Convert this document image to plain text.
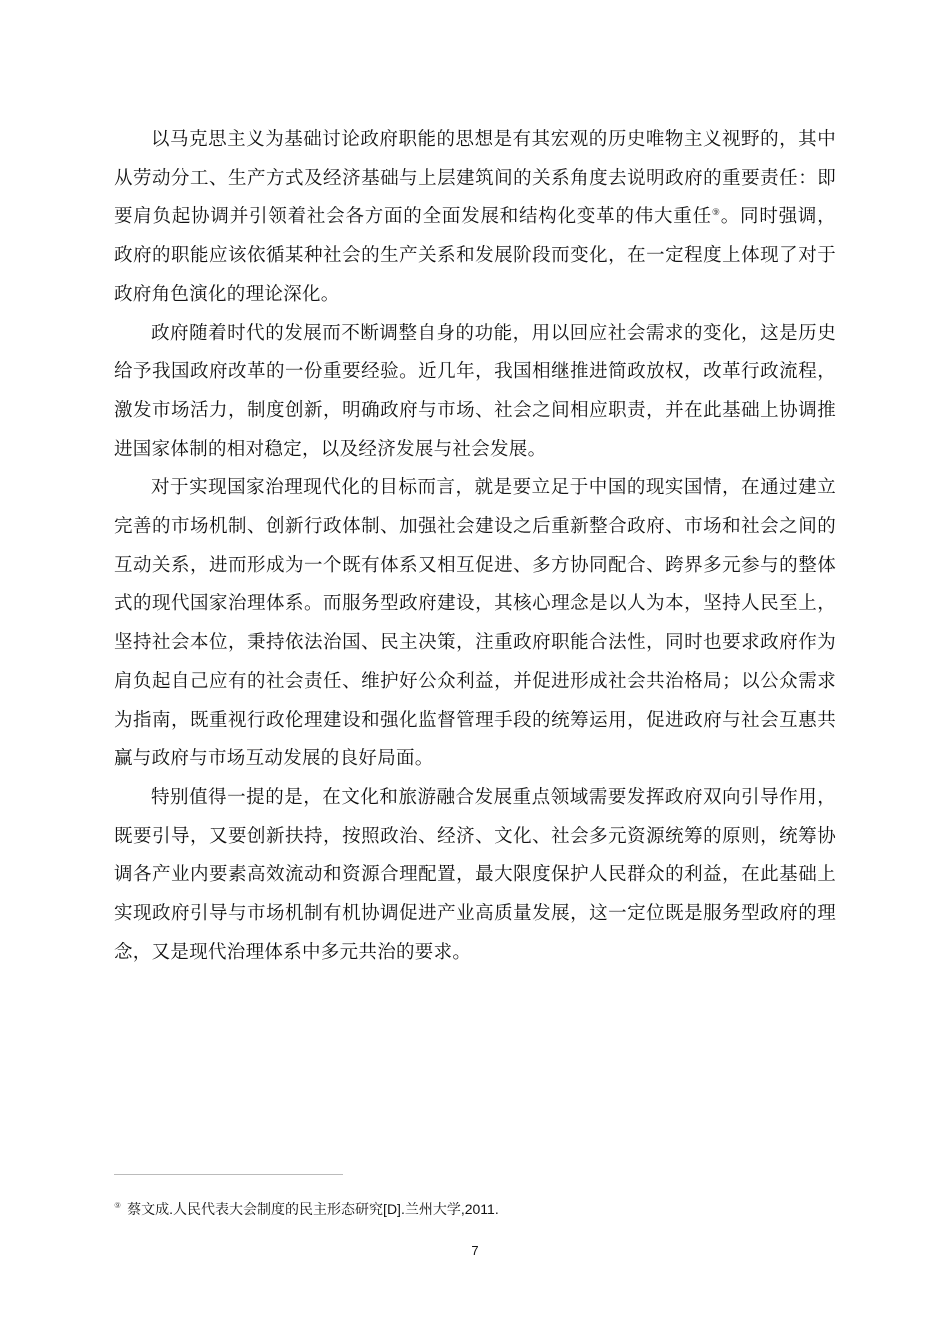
以马克思主义为基础讨论政府职能的思想是有其宏观的历史唯物主义视野的，其中从劳动分工、生产方式及经济基础与上层建筑间的关系角度去说明政府的重要责任：即要肩负起协调并引领着社会各方面的全面发展和结构化变革的伟大重任⑨。同时强调，政府的职能应该依循某种社会的生产关系和发展阶段而变化，在一定程度上体现了对于政府角色演化的理论深化。

政府随着时代的发展而不断调整自身的功能，用以回应社会需求的变化，这是历史给予我国政府改革的一份重要经验。近几年，我国相继推进简政放权，改革行政流程，激发市场活力，制度创新，明确政府与市场、社会之间相应职责，并在此基础上协调推进国家体制的相对稳定，以及经济发展与社会发展。

对于实现国家治理现代化的目标而言，就是要立足于中国的现实国情，在通过建立完善的市场机制、创新行政体制、加强社会建设之后重新整合政府、市场和社会之间的互动关系，进而形成为一个既有体系又相互促进、多方协同配合、跨界多元参与的整体式的现代国家治理体系。而服务型政府建设，其核心理念是以人为本，坚持人民至上，坚持社会本位，秉持依法治国、民主决策，注重政府职能合法性，同时也要求政府作为肩负起自己应有的社会责任、维护好公众利益，并促进形成社会共治格局；以公众需求为指南，既重视行政伦理建设和强化监督管理手段的统筹运用，促进政府与社会互惠共赢与政府与市场互动发展的良好局面。

特别值得一提的是，在文化和旅游融合发展重点领域需要发挥政府双向引导作用，既要引导，又要创新扶持，按照政治、经济、文化、社会多元资源统筹的原则，统筹协调各产业内要素高效流动和资源合理配置，最大限度保护人民群众的利益，在此基础上实现政府引导与市场机制有机协调促进产业高质量发展，这一定位既是服务型政府的理念，又是现代治理体系中多元共治的要求。

⑨ 蔡文成.人民代表大会制度的民主形态研究[D].兰州大学,2011.
7
